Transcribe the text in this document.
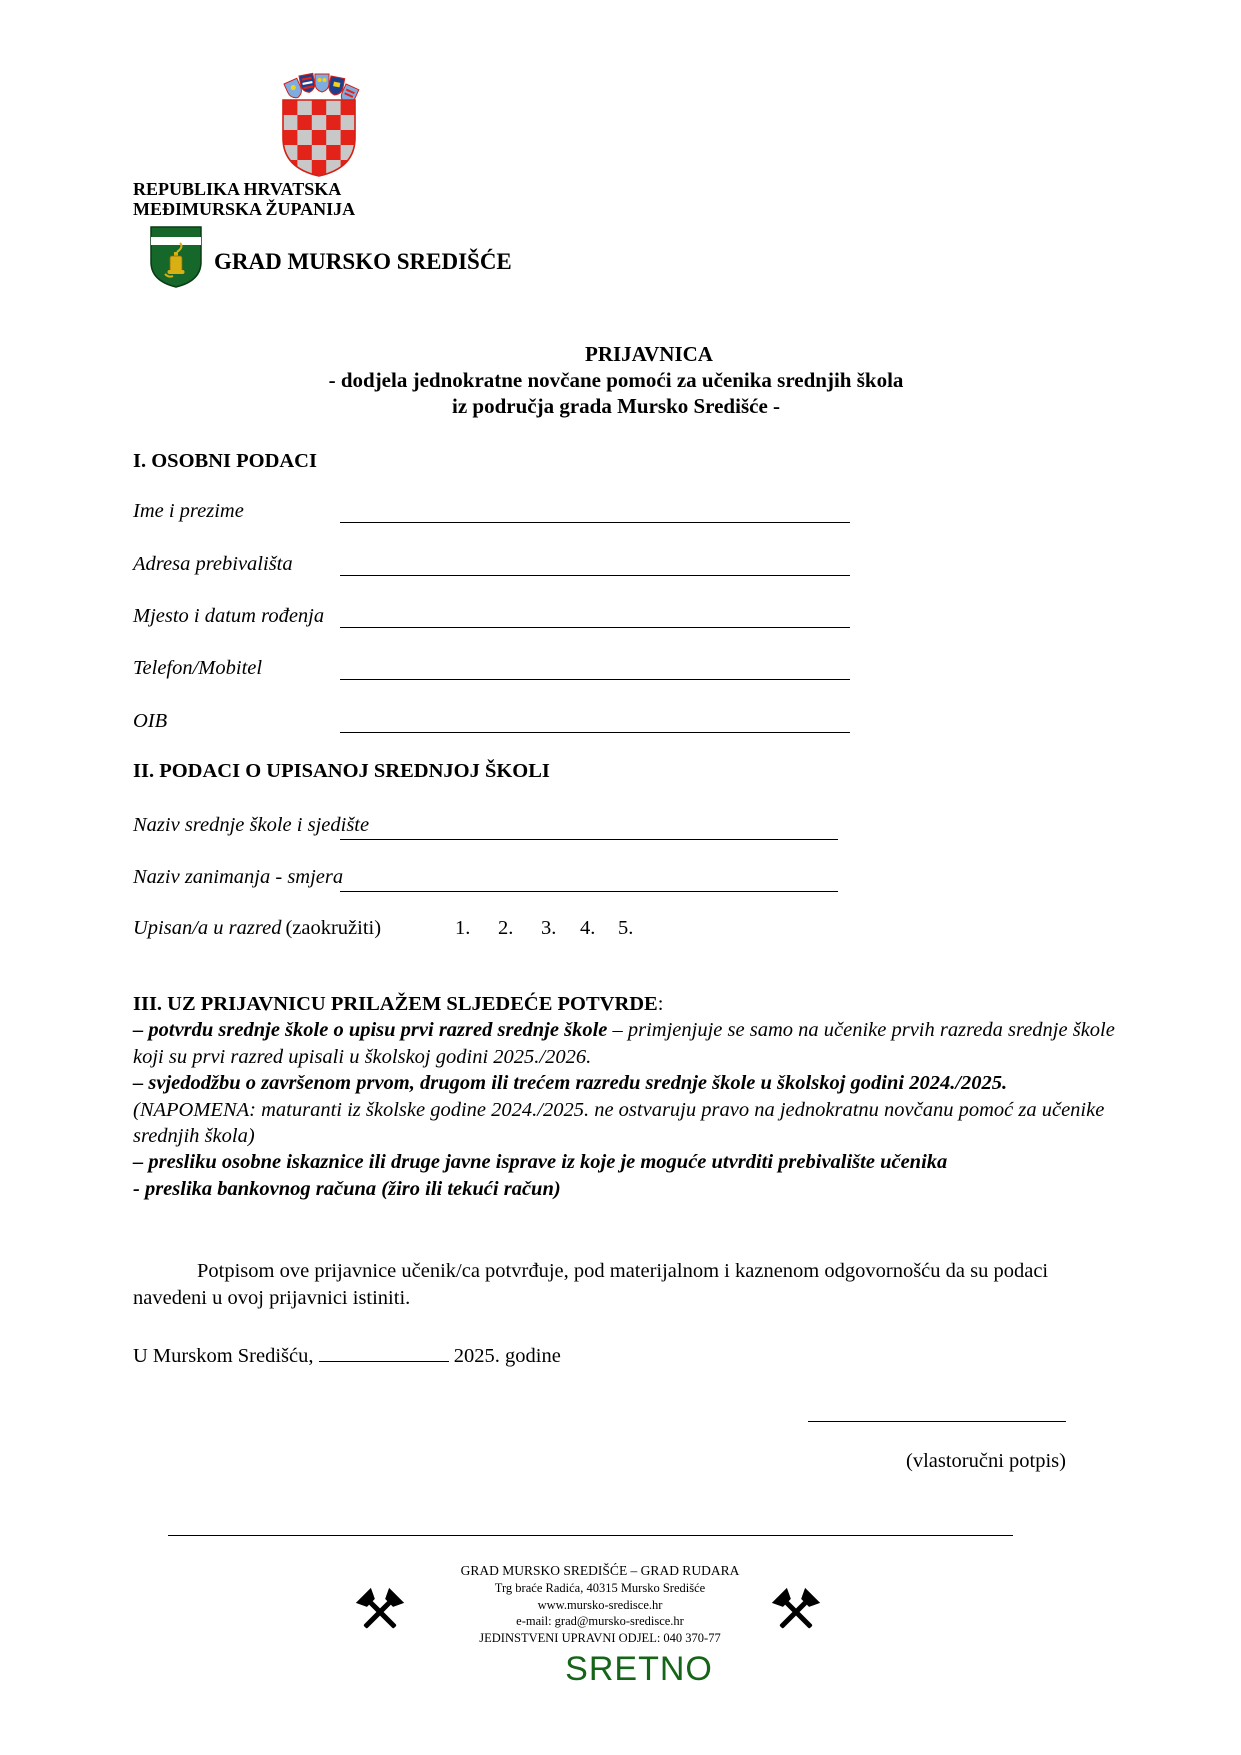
REPUBLIKA HRVATSKA
MEĐIMURSKA ŽUPANIJA
GRAD MURSKO SREDIŠĆE
PRIJAVNICA
- dodjela jednokratne novčane pomoći za učenika srednjih škola
iz područja grada Mursko Središće -
I. OSOBNI PODACI
Ime i prezime
Adresa prebivališta
Mjesto i datum rođenja
Telefon/Mobitel
OIB
II. PODACI O UPISANOJ SREDNJOJ ŠKOLI
Naziv srednje škole i sjedište
Naziv zanimanja - smjera
Upisan/a u razred (zaokružiti)	1. 2. 3. 4. 5.
III. UZ PRIJAVNICU PRILAŽEM SLJEDEĆE POTVRDE:
– potvrdu srednje škole o upisu prvi razred srednje škole – primjenjuje se samo na učenike prvih razreda srednje škole koji su prvi razred upisali u školskoj godini 2025./2026.
– svjedodžbu o završenom prvom, drugom ili trećem razredu srednje škole u školskoj godini 2024./2025.
(NAPOMENA: maturanti iz školske godine 2024./2025. ne ostvaruju pravo na jednokratnu novčanu pomoć za učenike srednjih škola)
– presliku osobne iskaznice ili druge javne isprave iz koje je moguće utvrditi prebivalište učenika
- preslika bankovnog računa (žiro ili tekući račun)
Potpisom ove prijavnice učenik/ca potvrđuje, pod materijalnom i kaznenom odgovornošću da su podaci navedeni u ovoj prijavnici istiniti.
U Murskom Središću,	2025. godine
(vlastoručni potpis)
GRAD MURSKO SREDIŠĆE – GRAD RUDARA
Trg braće Radića, 40315 Mursko Središće
www.mursko-sredisce.hr
e-mail: grad@mursko-sredisce.hr
JEDINSTVENI UPRAVNI ODJEL: 040 370-77
SRETNO
